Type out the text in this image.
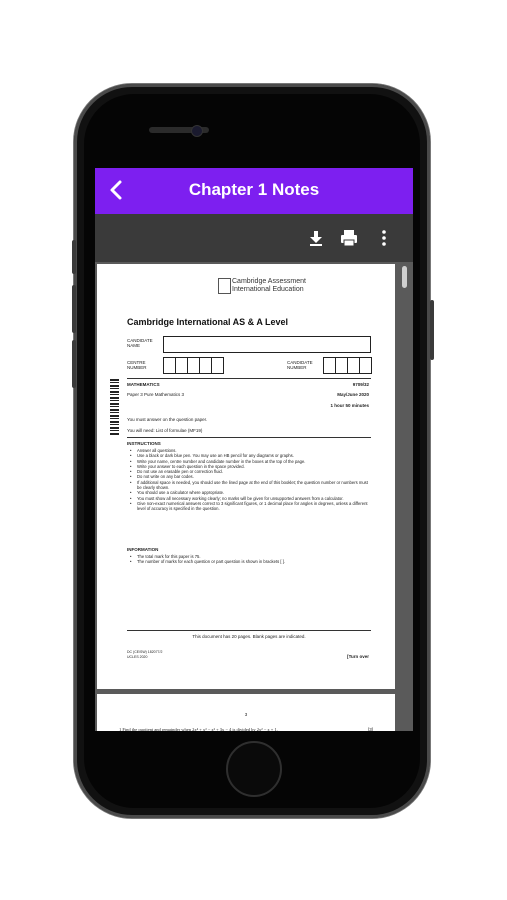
Chapter 1 Notes
Cambridge Assessment
International Education
Cambridge International AS & A Level
CANDIDATE NAME
CENTRE NUMBER
CANDIDATE NUMBER
MATHEMATICS	9709/32
Paper 3 Pure Mathematics 3	May/June 2020
1 hour 50 minutes
You must answer on the question paper.
You will need: List of formulae (MF19)
INSTRUCTIONS
• Answer all questions.
• Use a black or dark blue pen. You may use an HB pencil for any diagrams or graphs.
• Write your name, centre number and candidate number in the boxes at the top of the page.
• Write your answer to each question in the space provided.
• Do not use an erasable pen or correction fluid.
• Do not write on any bar codes.
• If additional space is needed, you should use the lined page at the end of this booklet; the question number or numbers must be clearly shown.
• You should use a calculator where appropriate.
• You must show all necessary working clearly; no marks will be given for unsupported answers from a calculator.
• Give non-exact numerical answers correct to 3 significant figures, or 1 decimal place for angles in degrees, unless a different level of accuracy is specified in the question.
INFORMATION
• The total mark for this paper is 75.
• The number of marks for each question or part question is shown in brackets [ ].
This document has 20 pages. Blank pages are indicated.
DC (CE/SW) 182077/2
UCLES 2020	[Turn over
3
1 Find the quotient and remainder when 2x⁴ + x³ − x² + 3x − 4 is divided by 2x² − x + 1.	[3]
